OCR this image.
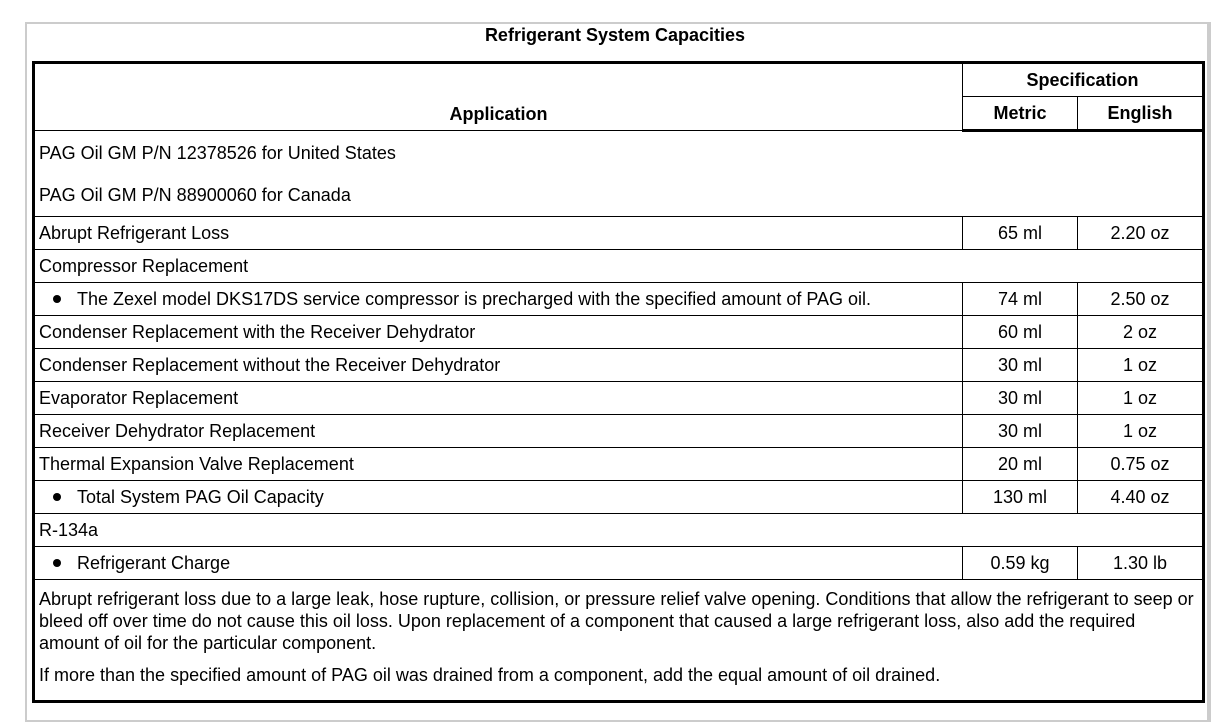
Refrigerant System Capacities
Application	Specification	
	Metric	English

PAG Oil GM P/N 12378526 for United States
PAG Oil GM P/N 88900060 for Canada		

Abrupt Refrigerant Loss	65 ml	2.20 oz
Compressor Replacement		
The Zexel model DKS17DS service compressor is precharged with the specified amount of PAG oil.	74 ml	2.50 oz
Condenser Replacement with the Receiver Dehydrator	60 ml	2 oz
Condenser Replacement without the Receiver Dehydrator	30 ml	1 oz
Evaporator Replacement	30 ml	1 oz
Receiver Dehydrator Replacement	30 ml	1 oz
Thermal Expansion Valve Replacement	20 ml	0.75 oz
Total System PAG Oil Capacity	130 ml	4.40 oz
R-134a		
Refrigerant Charge	0.59 kg	1.30 lb

Abrupt refrigerant loss due to a large leak, hose rupture, collision, or pressure relief valve opening. Conditions that allow the refrigerant to seep or bleed off over time do not cause this oil loss. Upon replacement of a component that caused a large refrigerant loss, also add the required amount of oil for the particular component.

If more than the specified amount of PAG oil was drained from a component, add the equal amount of oil drained.		
